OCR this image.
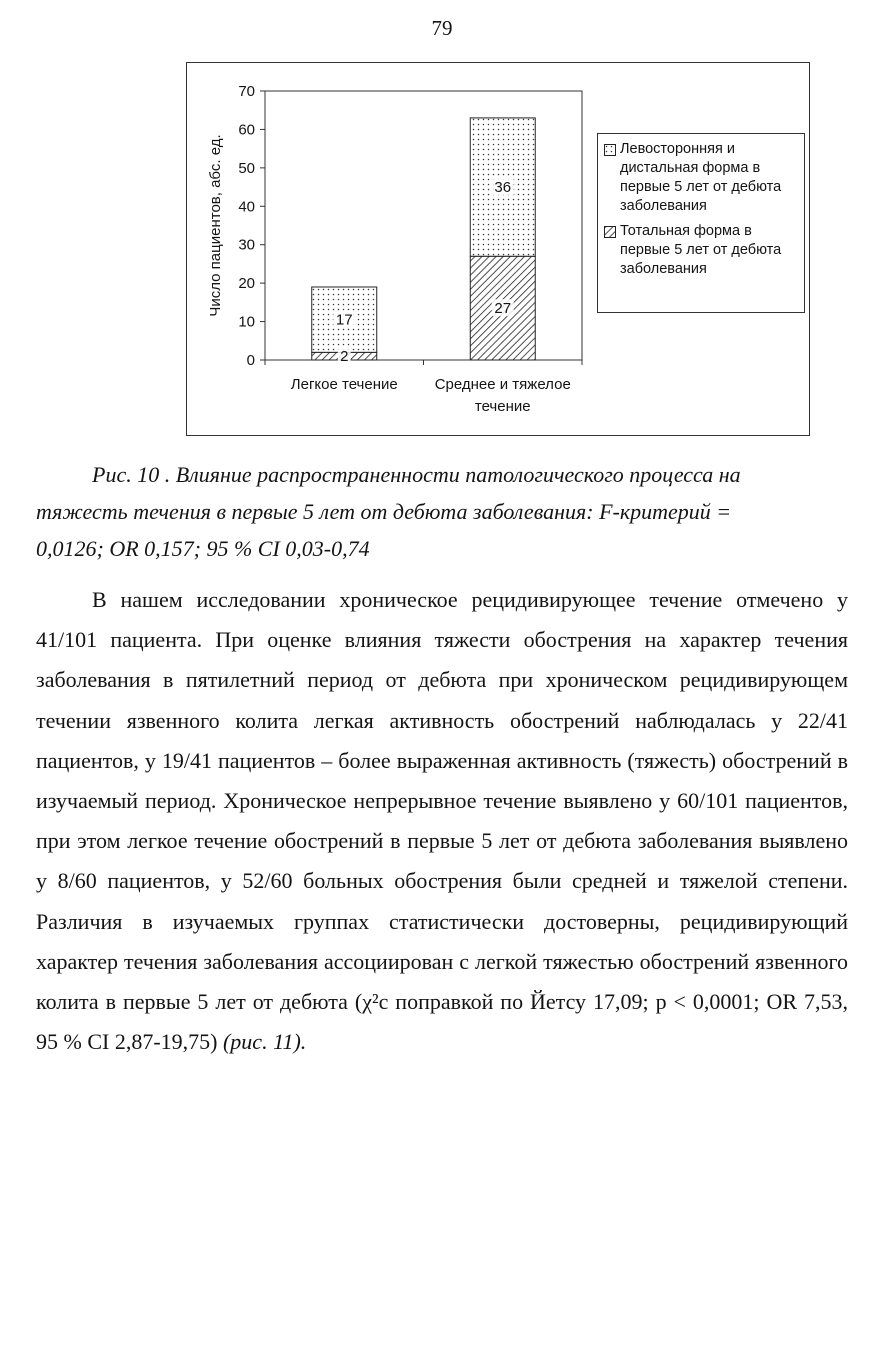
79
0
10
20
30
40
50
60
70
Число пациентов, абс. ед.
2
17
Легкое течение
27
36
Среднее и тяжелое
течение
Левосторонняя и
дистальная форма в
первые 5 лет от дебюта
заболевания
Тотальная форма в
первые 5 лет от дебюта
заболевания
Рис. 10 . Влияние распространенности патологического процесса на
тяжесть течения в первые 5 лет от дебюта заболевания: F-критерий =
0,0126; OR 0,157; 95 % CI 0,03-0,74
В нашем исследовании хроническое рецидивирующее течение отмечено у 41/101 пациента. При оценке влияния тяжести обострения на характер течения заболевания в пятилетний период от дебюта при хроническом рецидивирующем течении язвенного колита легкая активность обострений наблюдалась у 22/41 пациентов, у 19/41 пациентов – более выраженная активность (тяжесть) обострений в изучаемый период. Хроническое непрерывное течение выявлено у 60/101 пациентов, при этом легкое течение обострений в первые 5 лет от дебюта заболевания выявлено у 8/60 пациентов, у 52/60 больных обострения были средней и тяжелой степени. Различия в изучаемых группах статистически достоверны, рецидивирующий характер течения заболевания ассоциирован с легкой тяжестью обострений язвенного колита в первые 5 лет от дебюта (χ²с поправкой по Йетсу 17,09; р < 0,0001; OR 7,53, 95 % CI 2,87-19,75) (рис. 11).
